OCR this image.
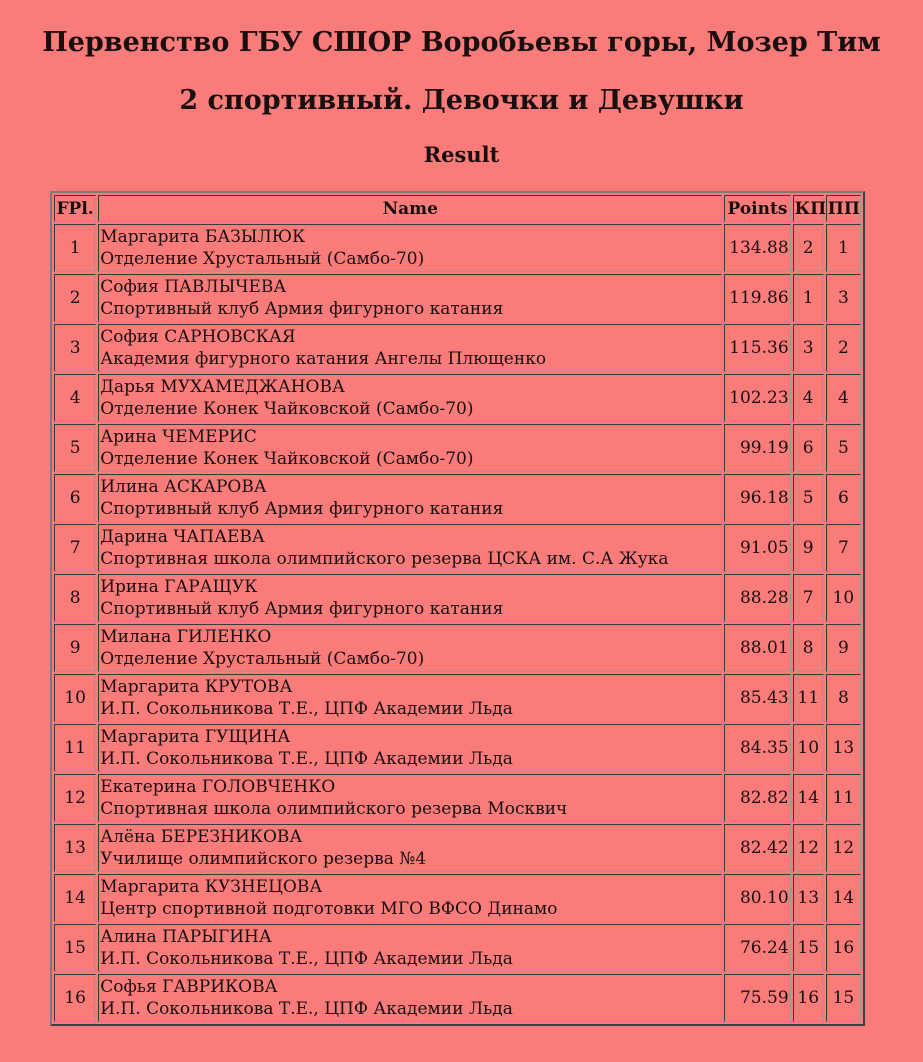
Первенство ГБУ СШОР Воробьевы горы, Мозер Тим
2 спортивный. Девочки и Девушки
Result
FPl.	Name	Points	КП	ПП
1	Маргарита БАЗЫЛЮК
Отделение Хрустальный (Самбо-70)	134.88	2	1
2	София ПАВЛЫЧЕВА
Спортивный клуб Армия фигурного катания	119.86	1	3
3	София САРНОВСКАЯ
Академия фигурного катания Ангелы Плющенко	115.36	3	2
4	Дарья МУХАМЕДЖАНОВА
Отделение Конек Чайковской (Самбо-70)	102.23	4	4
5	Арина ЧЕМЕРИС
Отделение Конек Чайковской (Самбо-70)	99.19	6	5
6	Илина АСКАРОВА
Спортивный клуб Армия фигурного катания	96.18	5	6
7	Дарина ЧАПАЕВА
Спортивная школа олимпийского резерва ЦСКА им. С.А Жука	91.05	9	7
8	Ирина ГАРАЩУК
Спортивный клуб Армия фигурного катания	88.28	7	10
9	Милана ГИЛЕНКО
Отделение Хрустальный (Самбо-70)	88.01	8	9
10	Маргарита КРУТОВА
И.П. Сокольникова Т.Е., ЦПФ Академии Льда	85.43	11	8
11	Маргарита ГУЩИНА
И.П. Сокольникова Т.Е., ЦПФ Академии Льда	84.35	10	13
12	Екатерина ГОЛОВЧЕНКО
Спортивная школа олимпийского резерва Москвич	82.82	14	11
13	Алёна БЕРЕЗНИКОВА
Училище олимпийского резерва №4	82.42	12	12
14	Маргарита КУЗНЕЦОВА
Центр спортивной подготовки МГО ВФСО Динамо	80.10	13	14
15	Алина ПАРЫГИНА
И.П. Сокольникова Т.Е., ЦПФ Академии Льда	76.24	15	16
16	Софья ГАВРИКОВА
И.П. Сокольникова Т.Е., ЦПФ Академии Льда	75.59	16	15
